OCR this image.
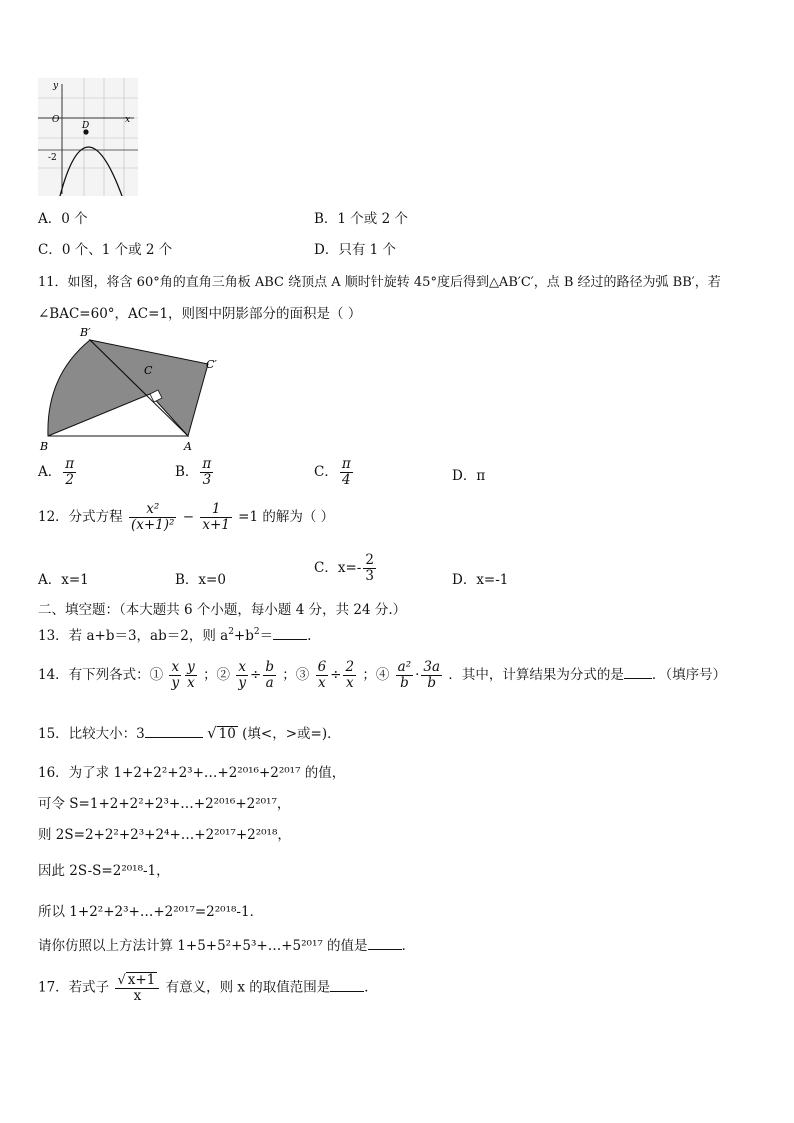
y
x
O
D
-2
A．0 个	B．1 个或 2 个
C．0 个、1 个或 2 个	D．只有 1 个
11．如图，将含 60°角的直角三角板 ABC 绕顶点 A 顺时针旋转 45°度后得到△AB′C′，点 B 经过的路径为弧 BB′，若
∠BAC=60°，AC=1，则图中阴影部分的面积是（ ）
B′
C′
C
B	A
A． $\frac{\pi}{2}$	B． $\frac{\pi}{3}$	C． $\frac{\pi}{4}$	D．π
12．分式方程 $\frac{\text{x²}}{\text{(x+1)²}} - \frac{1}{x+1} =1$ 的解为（ ）
A．x=1	B．x=0
C．$x=- \frac{2}{3}$	D．x=-1
二、填空题：（本大题共 6 个小题，每小题 4 分，共 24 分.）
13．若 a+b＝3，ab＝2，则 $a^2+b^2=$	.
14．有下列各式：① $\frac{x}{y} \frac{y}{x}$ ；② $\frac{x}{y} \div \frac{b}{a}$ ；③ $\frac{6}{x} \div \frac{2}{x}$ ；④ $\frac{\text{a²}}{b} \cdot \frac{3a}{b}$ ．其中，计算结果为分式的是 ．（填序号）
15．比较大小：3	√ 10 (填<，>或=)．
16．为了求 1+2+2²+2³+…+2²⁰¹⁶+2²⁰¹⁷ 的值，
可令 S=1+2+2²+2³+…+2²⁰¹⁶+2²⁰¹⁷，
则 2S=2+2²+2³+2⁴+…+2²⁰¹⁷+2²⁰¹⁸，
因此 2S-S=2²⁰¹⁸-1，
所以 1+2²+2³+…+2²⁰¹⁷=2²⁰¹⁸-1．
请你仿照以上方法计算 1+5+5²+5³+…+5²⁰¹⁷ 的值是	．
17．若式子 $\frac{√ x+1}{x}$ 有意义，则 x 的取值范围是	．
